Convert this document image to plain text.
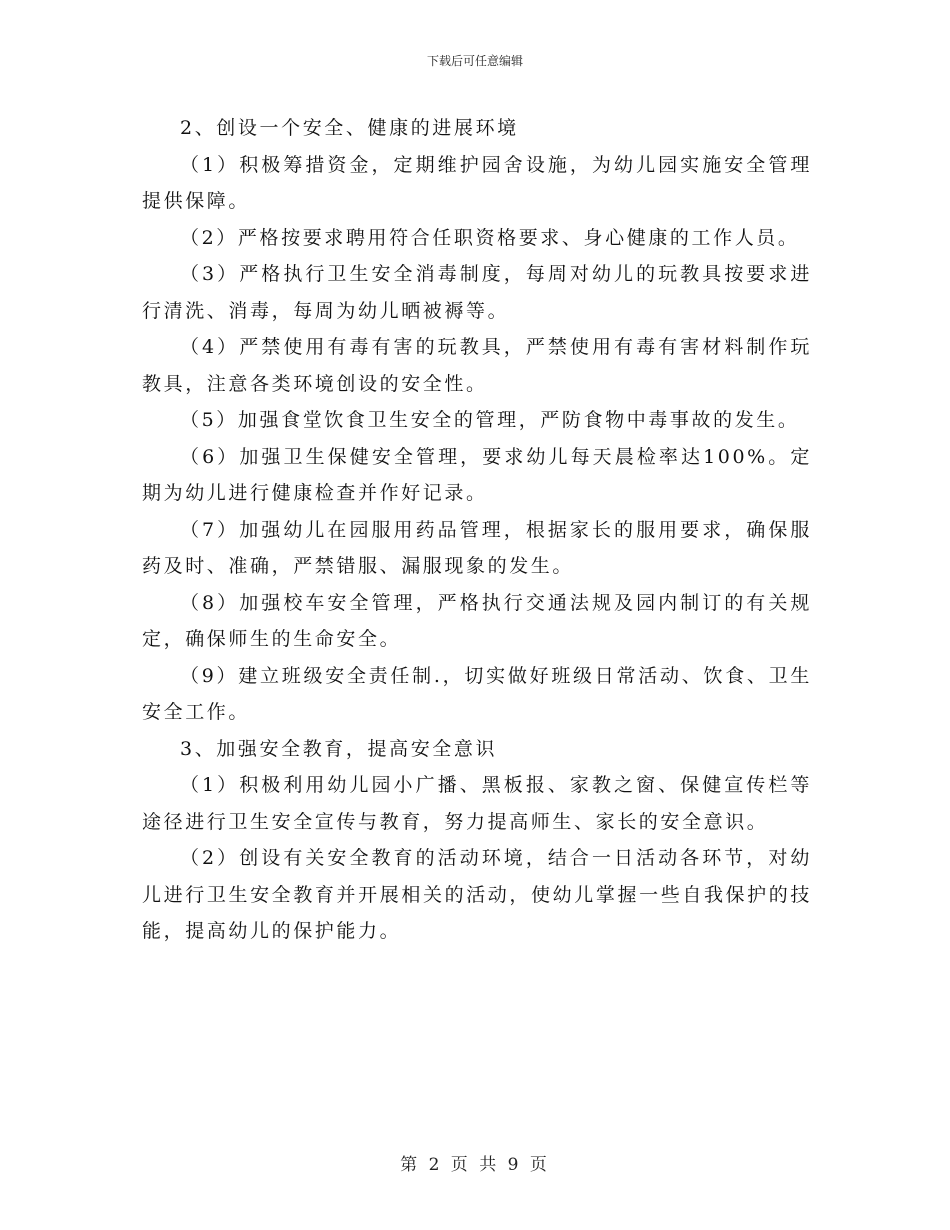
下载后可任意编辑

2、创设一个安全、健康的进展环境

（1）积极筹措资金，定期维护园舍设施，为幼儿园实施安全管理提供保障。

（2）严格按要求聘用符合任职资格要求、身心健康的工作人员。

（3）严格执行卫生安全消毒制度，每周对幼儿的玩教具按要求进行清洗、消毒，每周为幼儿晒被褥等。

（4）严禁使用有毒有害的玩教具，严禁使用有毒有害材料制作玩教具，注意各类环境创设的安全性。

（5）加强食堂饮食卫生安全的管理，严防食物中毒事故的发生。

（6）加强卫生保健安全管理，要求幼儿每天晨检率达100%。定期为幼儿进行健康检查并作好记录。

（7）加强幼儿在园服用药品管理，根据家长的服用要求，确保服药及时、准确，严禁错服、漏服现象的发生。

（8）加强校车安全管理，严格执行交通法规及园内制订的有关规定，确保师生的生命安全。

（9）建立班级安全责任制.，切实做好班级日常活动、饮食、卫生安全工作。

3、加强安全教育，提高安全意识

（1）积极利用幼儿园小广播、黑板报、家教之窗、保健宣传栏等途径进行卫生安全宣传与教育，努力提高师生、家长的安全意识。

（2）创设有关安全教育的活动环境，结合一日活动各环节，对幼儿进行卫生安全教育并开展相关的活动，使幼儿掌握一些自我保护的技能，提高幼儿的保护能力。

第 2 页 共 9 页
